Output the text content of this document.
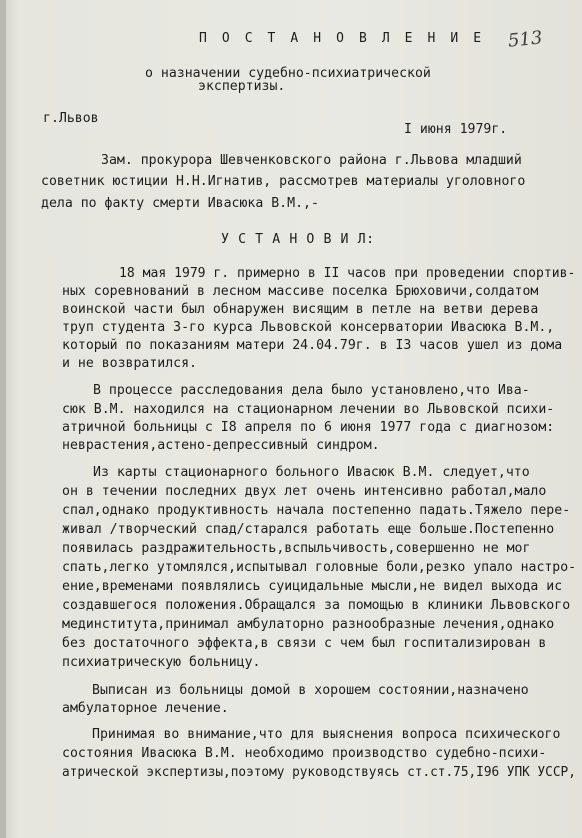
П О С Т А Н О В Л Е Н И Е 513
о назначении судебно-психиатрической
экспертизы.
г.Львов
I июня 1979г.
Зам. прокурора Шевченковского района г.Львова младший
советник юстиции Н.Н.Игнатив, рассмотрев материалы уголовного
дела по факту смерти Ивасюка В.М.,-
У С Т А Н О В И Л:
18 мая 1979 г. примерно в II часов при проведении спортив-
ных соревнований в лесном массиве поселка Брюховичи,солдатом
воинской части был обнаружен висящим в петле на ветви дерева
труп студента 3-го курса Львовской консерватории Ивасюка В.М.,
который по показаниям матери 24.04.79г. в I3 часов ушел из дома
и не возвратился.
В процессе расследования дела было установлено,что Ива-
сюк В.М. находился на стационарном лечении во Львовской психи-
атричной больницы с I8 апреля по 6 июня 1977 года с диагнозом:
неврастения,астено-депрессивный синдром.
Из карты стационарного больного Ивасюк В.М. следует,что
он в течении последних двух лет очень интенсивно работал,мало
спал,однако продуктивность начала постепенно падать.Тяжело пере-
живал /творческий спад/старался работать еще больше.Постепенно
появилась раздражительность,вспыльчивость,совершенно не мог
спать,легко утомлялся,испытывал головные боли,резко упало настро-
ение,временами появлялись суицидальные мысли,не видел выхода ис
создавшегося положения.Обращался за помощью в клиники Львовского
мединститута,принимал амбулаторно разнообразные лечения,однако
без достаточного эффекта,в связи с чем был госпитализирован в
психиатрическую больницу.
Выписан из больницы домой в хорошем состоянии,назначено
амбулаторное лечение.
Принимая во внимание,что для выяснения вопроса психического
состояния Ивасюка В.М. необходимо производство судебно-психи-
атрической экспертизы,поэтому руководствуясь ст.ст.75,I96 УПК УССР,
